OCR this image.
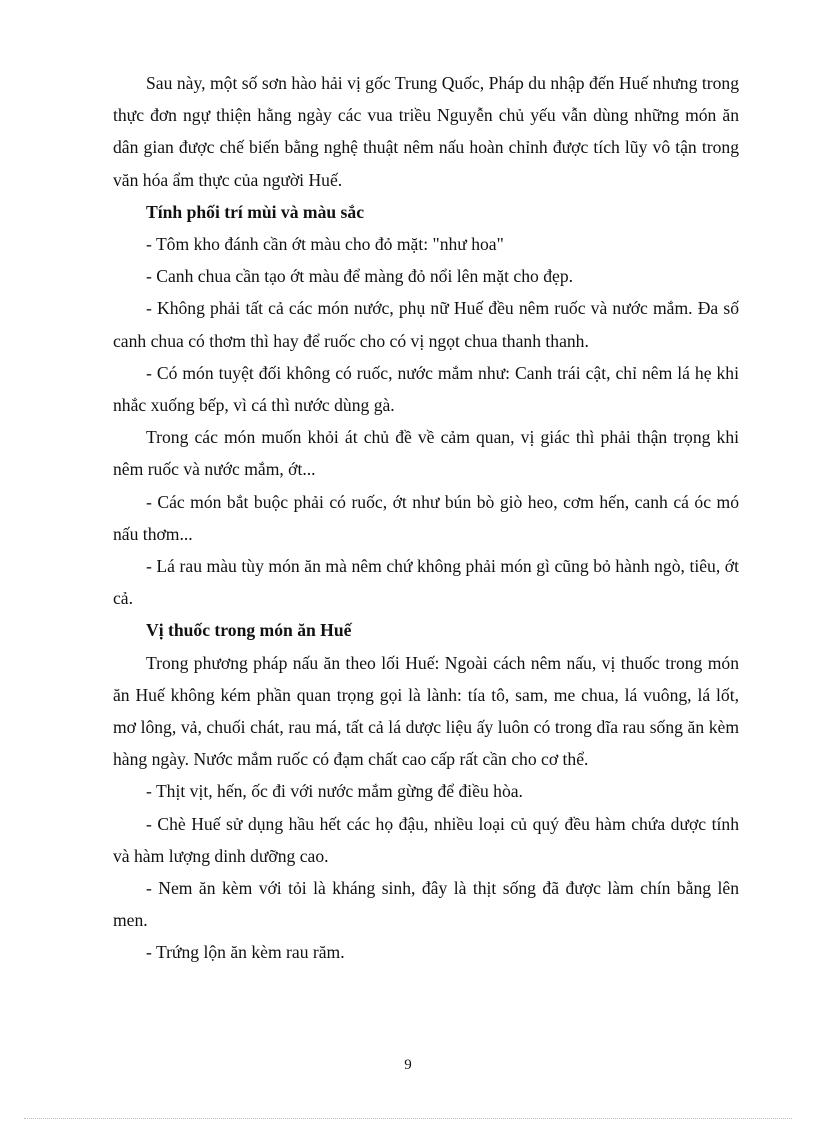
Sau này, một số sơn hào hải vị gốc Trung Quốc, Pháp du nhập đến Huế nhưng trong thực đơn ngự thiện hằng ngày các vua triều Nguyễn chủ yếu vẫn dùng những món ăn dân gian được chế biến bằng nghệ thuật nêm nấu hoàn chỉnh được tích lũy vô tận trong văn hóa ẩm thực của người Huế.

Tính phối trí mùi và màu sắc

- Tôm kho đánh cần ớt màu cho đỏ mặt: "như hoa"

- Canh chua cần tạo ớt màu để màng đỏ nổi lên mặt cho đẹp.

- Không phải tất cả các món nước, phụ nữ Huế đều nêm ruốc và nước mắm. Đa số canh chua có thơm thì hay để ruốc cho có vị ngọt chua thanh thanh.

- Có món tuyệt đối không có ruốc, nước mắm như: Canh trái cật, chỉ nêm lá hẹ khi nhắc xuống bếp, vì cá thì nước dùng gà.

Trong các món muốn khỏi át chủ đề về cảm quan, vị giác thì phải thận trọng khi nêm ruốc và nước mắm, ớt...

- Các món bắt buộc phải có ruốc, ớt như bún bò giò heo, cơm hến, canh cá óc mó nấu thơm...

- Lá rau màu tùy món ăn mà nêm chứ không phải món gì cũng bỏ hành ngò, tiêu, ớt cả.

Vị thuốc trong món ăn Huế

Trong phương pháp nấu ăn theo lối Huế: Ngoài cách nêm nấu, vị thuốc trong món ăn Huế không kém phần quan trọng gọi là lành: tía tô, sam, me chua, lá vuông, lá lốt, mơ lông, vả, chuối chát, rau má, tất cả lá dược liệu ấy luôn có trong dĩa rau sống ăn kèm hàng ngày. Nước mắm ruốc có đạm chất cao cấp rất cần cho cơ thể.

- Thịt vịt, hến, ốc đi với nước mắm gừng để điều hòa.

- Chè Huế sử dụng hầu hết các họ đậu, nhiều loại củ quý đều hàm chứa dược tính và hàm lượng dinh dưỡng cao.

- Nem ăn kèm với tỏi là kháng sinh, đây là thịt sống đã được làm chín bằng lên men.

- Trứng lộn ăn kèm rau răm.

9
